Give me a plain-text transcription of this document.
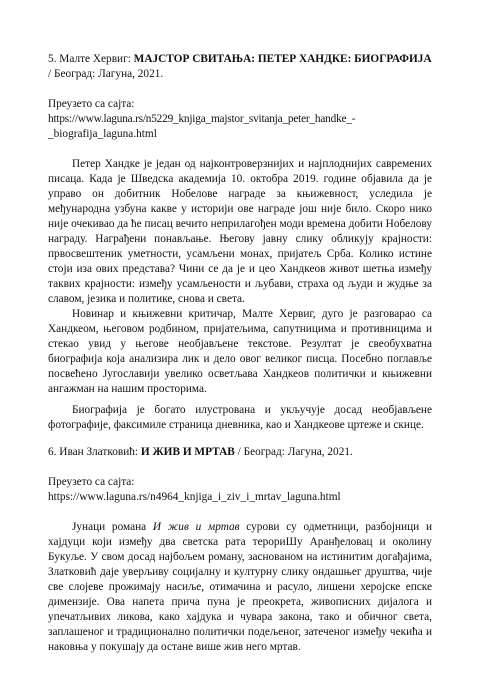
5. Малте Хервиг: МАЈСТОР СВИТАЊА: ПЕТЕР ХАНДКЕ: БИОГРАФИЈА
/ Београд: Лагуна, 2021.
Преузето са сајта:
https://www.laguna.rs/n5229_knjiga_majstor_svitanja_peter_handke_-
_biografija_laguna.html

Петер Хандке је један од најконтроверзнијих и најплоднијих савремених писаца. Када је Шведска академија 10. октобра 2019. године објавила да је управо он добитник Нобелове награде за књижевност, уследила је међународна узбуна какве у историји ове награде још није било. Скоро нико није очекивао да ће писац вечито неприлагођен моди времена добити Нобелову награду. Награђени понављање. Његову јавну слику обликују крајности: првосвештеник уметности, усамљени монах, пријатељ Срба. Колико истине стоји иза ових представа? Чини се да је и цео Хандкеов живот шетња између таквих крајности: између усамљености и љубави, страха од људи и жудње за славом, језика и политике, снова и света.

Новинар и књижевни критичар, Малте Хервиг, дуго је разговарао са Хандкеом, његовом родбином, пријатељима, сапутницима и противницима и стекао увид у његове необјављене текстове. Резултат је свеобухватна биографија која анализира лик и дело овог великог писца. Посебно поглавље посвећено Југославији увелико осветљава Хандкеов политички и књижевни ангажман на нашим просторима.

Биографија је богато илустрована и укључује досад необјављене фотографије, факсимиле страница дневника, као и Хандкеове цртеже и скице.

6. Иван Златковић: И ЖИВ И МРТАВ / Београд: Лагуна, 2021.
Преузето са сајта:
https://www.laguna.rs/n4964_knjiga_i_ziv_i_mrtav_laguna.html

Јунаци романа И жив и мртав сурови су одметници, разбојници и хајдуци који између два светска рата терориШу Аранђеловац и околину Букуље. У свом досад најбољем роману, заснованом на истинитим догађајима, Златковић даје уверљиву социјалну и културну слику ондашњег друштва, чије све слојеве прожимају насиље, отимачина и расуло, лишени херојске епске димензије. Ова напета прича пуна је преокрета, живописних дијалога и упечатљивих ликова, како хајдука и чувара закона, тако и обичног света, заплашеног и традиционално политички подељеног, затеченог између чекића и наковња у покушају да остане више жив него мртав.
